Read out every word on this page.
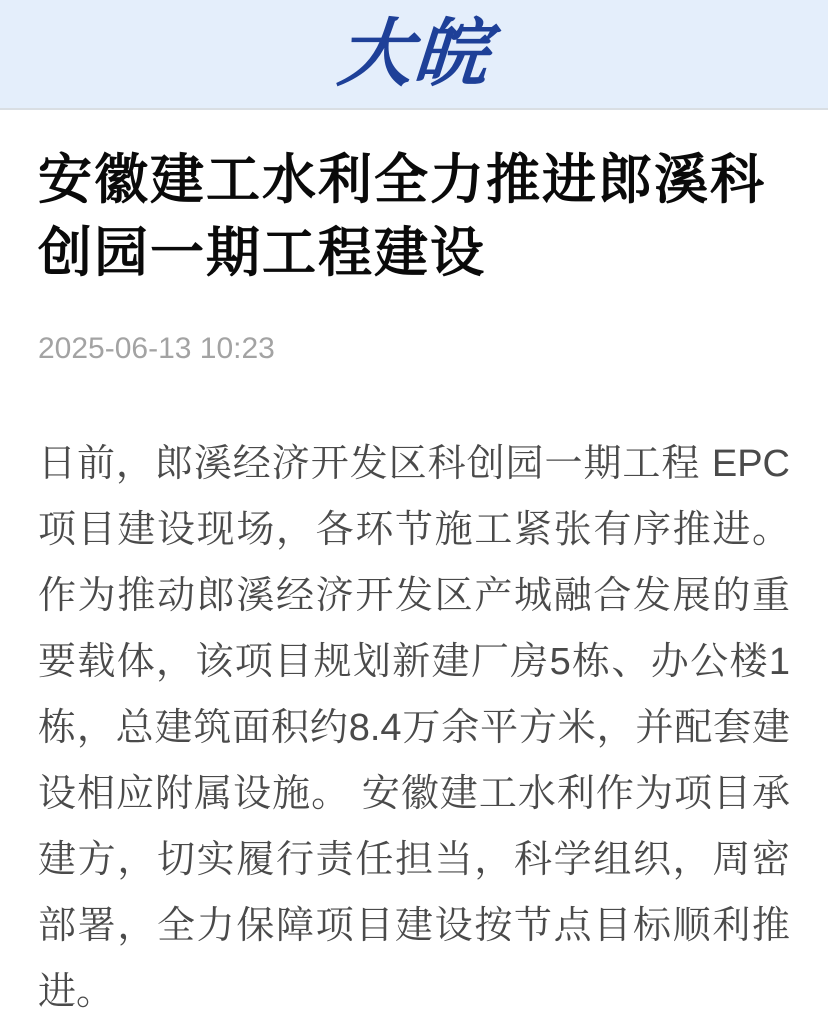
大皖
安徽建工水利全力推进郎溪科创园一期工程建设
2025-06-13 10:23

日前，郎溪经济开发区科创园一期工程 EPC项目建设现场，各环节施工紧张有序推进。作为推动郎溪经济开发区产城融合发展的重要载体，该项目规划新建厂房5栋、办公楼1栋，总建筑面积约8.4万余平方米，并配套建设相应附属设施。 安徽建工水利作为项目承建方，切实履行责任担当，科学组织，周密部署，全力保障项目建设按节点目标顺利推进。
